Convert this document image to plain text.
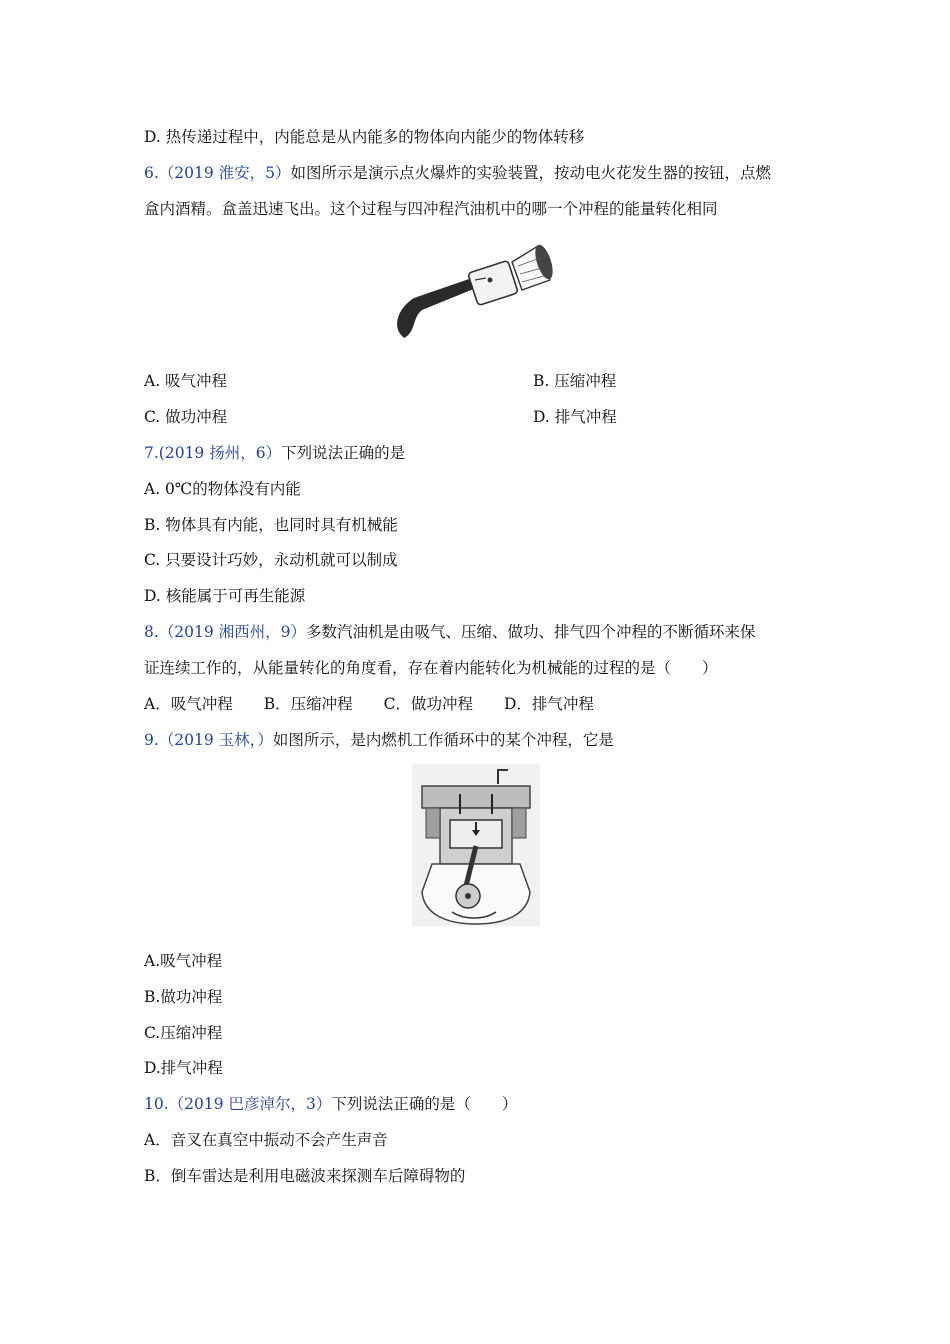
D. 热传递过程中，内能总是从内能多的物体向内能少的物体转移
6.（2019 淮安，5）如图所示是演示点火爆炸的实验装置，按动电火花发生器的按钮，点燃
盒内酒精。盒盖迅速飞出。这个过程与四冲程汽油机中的哪一个冲程的能量转化相同
A. 吸气冲程	B. 压缩冲程
C. 做功冲程	D. 排气冲程
7.(2019 扬州，6）下列说法正确的是
A. 0℃的物体没有内能
B. 物体具有内能，也同时具有机械能
C. 只要设计巧妙，永动机就可以制成
D. 核能属于可再生能源
8.（2019 湘西州，9）多数汽油机是由吸气、压缩、做功、排气四个冲程的不断循环来保
证连续工作的，从能量转化的角度看，存在着内能转化为机械能的过程的是（　　）
A．吸气冲程　　B．压缩冲程　　C．做功冲程　　D．排气冲程
9.（2019 玉林，）如图所示，是内燃机工作循环中的某个冲程，它是
A.吸气冲程
B.做功冲程
C.压缩冲程
D.排气冲程
10.（2019 巴彦淖尔，3）下列说法正确的是（　　）
A．音叉在真空中振动不会产生声音
B．倒车雷达是利用电磁波来探测车后障碍物的
